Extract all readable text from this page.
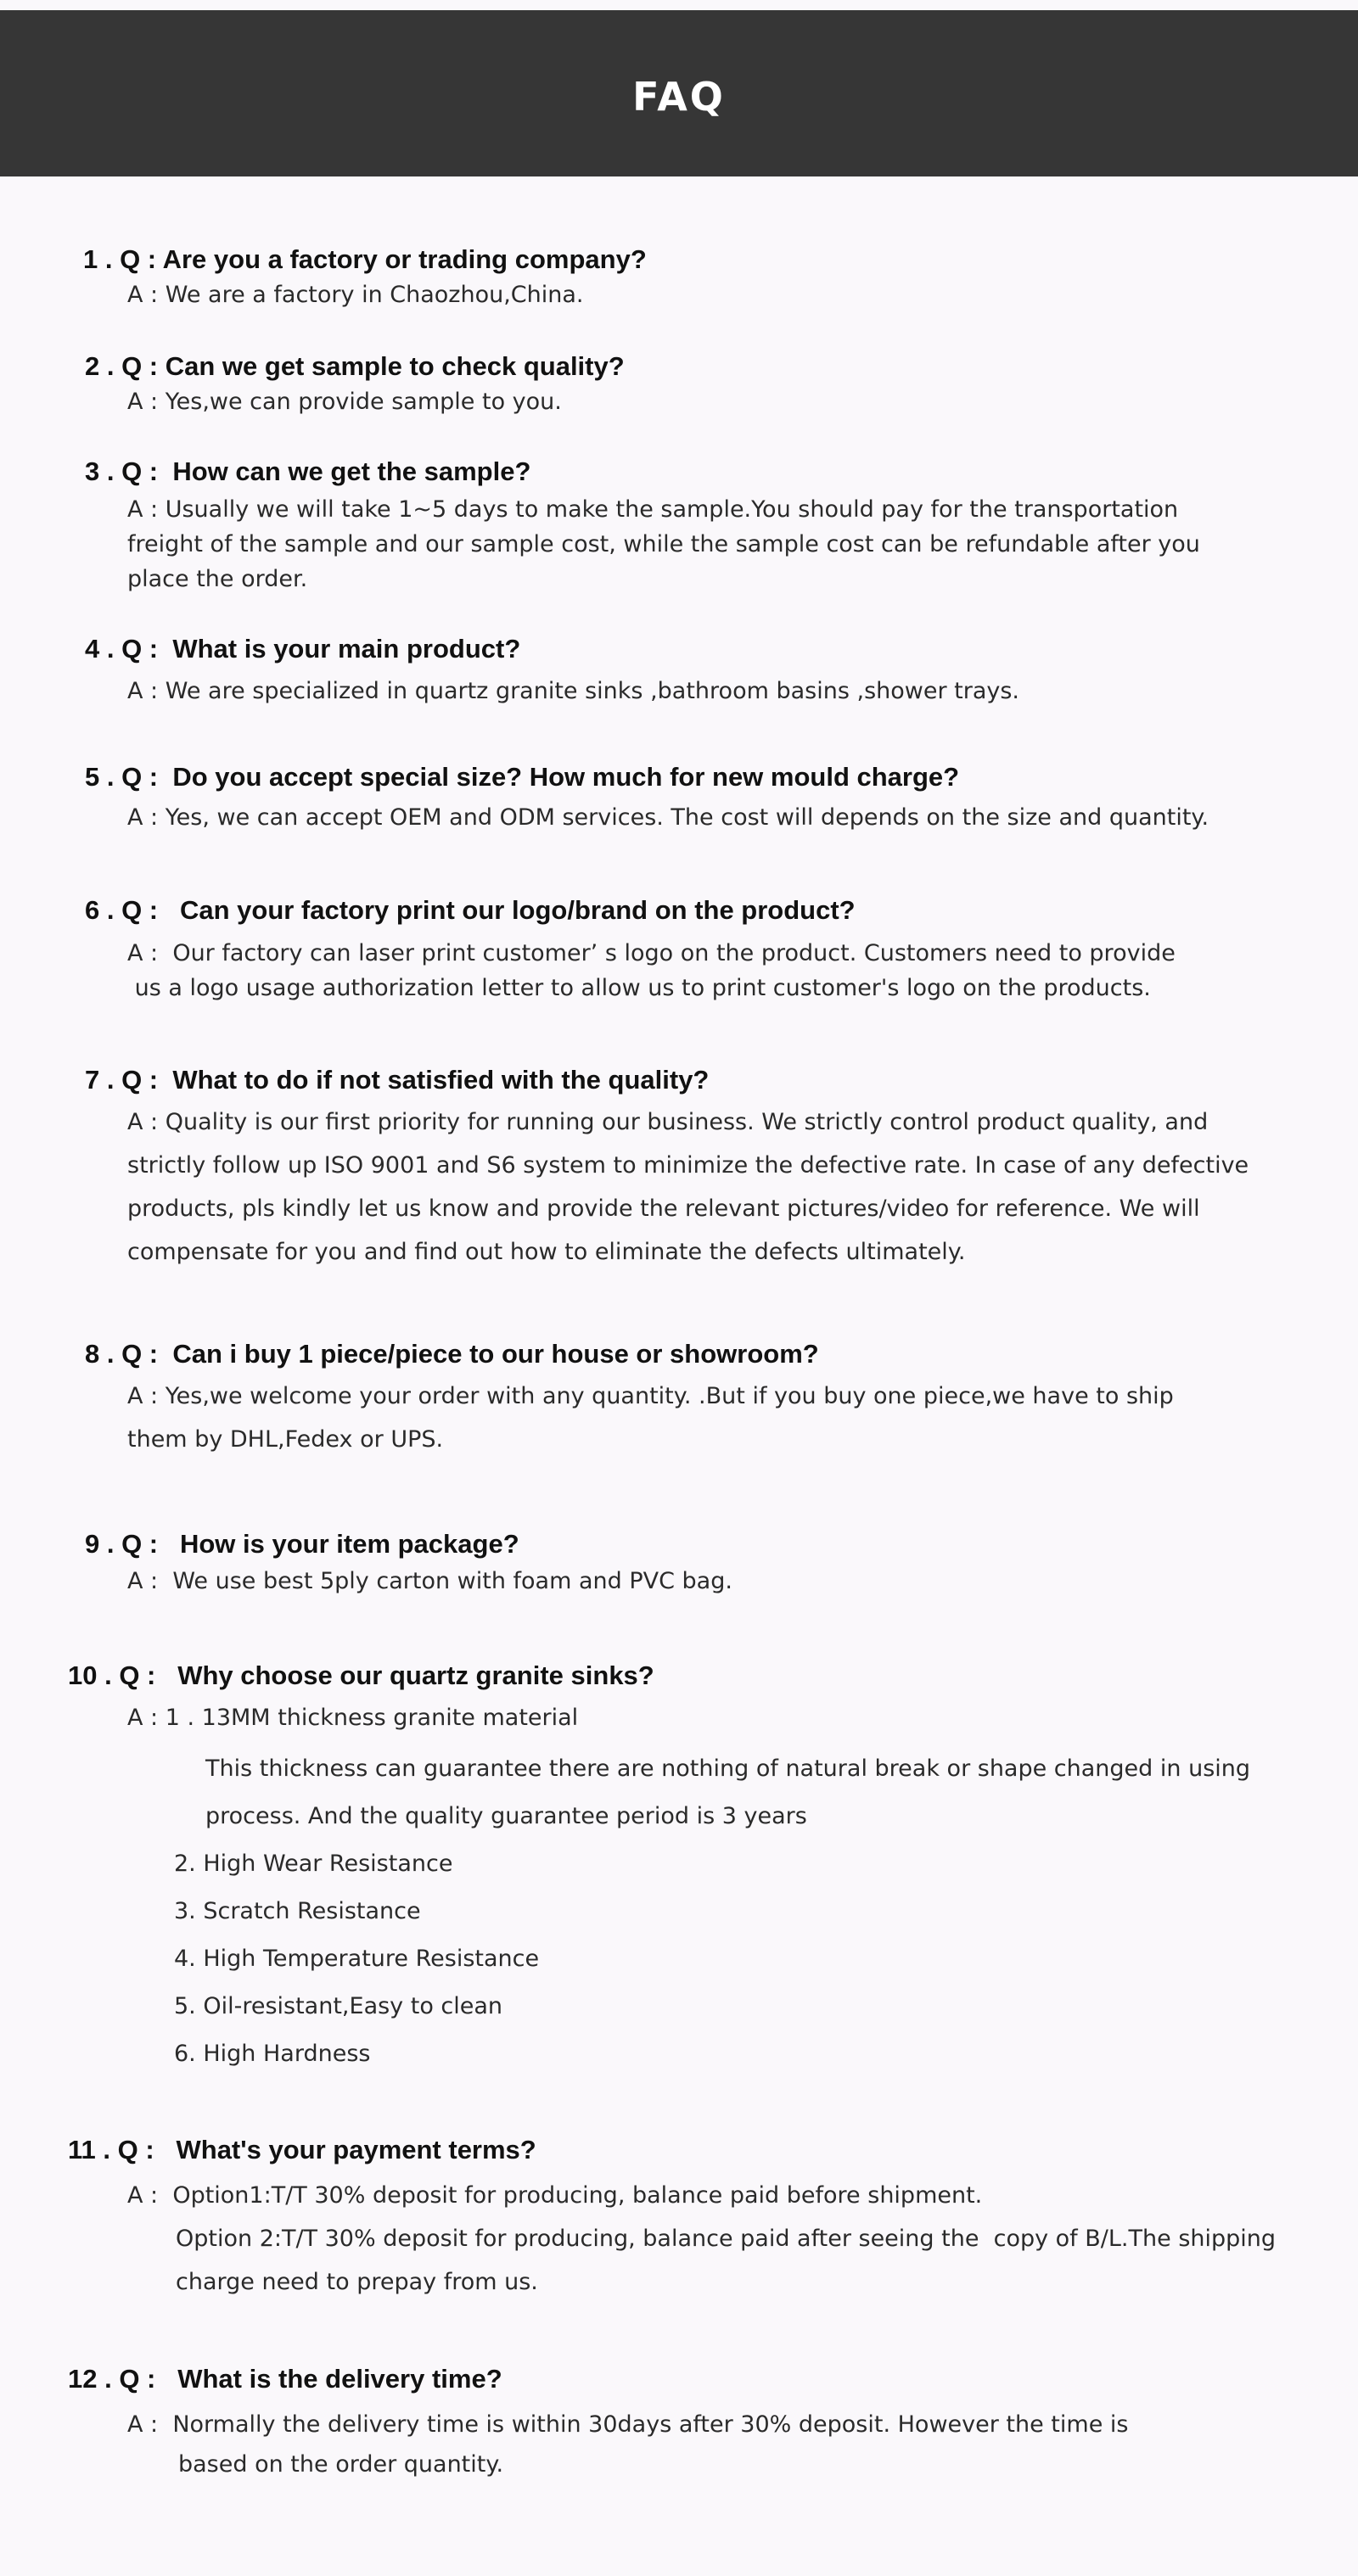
FAQ
1 . Q : Are you a factory or trading company?
A : We are a factory in Chaozhou,China.
2 . Q : Can we get sample to check quality?
A : Yes,we can provide sample to you.
3 . Q :  How can we get the sample?
A : Usually we will take 1~5 days to make the sample.You should pay for the transportation
freight of the sample and our sample cost, while the sample cost can be refundable after you
place the order.
4 . Q :  What is your main product?
A : We are specialized in quartz granite sinks ,bathroom basins ,shower trays.
5 . Q :  Do you accept special size? How much for new mould charge?
A : Yes, we can accept OEM and ODM services. The cost will depends on the size and quantity.
6 . Q :   Can your factory print our logo/brand on the product?
A :  Our factory can laser print customer’ s logo on the product. Customers need to provide
us a logo usage authorization letter to allow us to print customer's logo on the products.
7 . Q :  What to do if not satisfied with the quality?
A : Quality is our first priority for running our business. We strictly control product quality, and
strictly follow up ISO 9001 and S6 system to minimize the defective rate. In case of any defective
products, pls kindly let us know and provide the relevant pictures/video for reference. We will
compensate for you and find out how to eliminate the defects ultimately.
8 . Q :  Can i buy 1 piece/piece to our house or showroom?
A : Yes,we welcome your order with any quantity. .But if you buy one piece,we have to ship
them by DHL,Fedex or UPS.
9 . Q :   How is your item package?
A :  We use best 5ply carton with foam and PVC bag.
10 . Q :   Why choose our quartz granite sinks?
A : 1 . 13MM thickness granite material
This thickness can guarantee there are nothing of natural break or shape changed in using
process. And the quality guarantee period is 3 years
2. High Wear Resistance
3. Scratch Resistance
4. High Temperature Resistance
5. Oil-resistant,Easy to clean
6. High Hardness
11 . Q :   What's your payment terms?
A :  Option1:T/T 30% deposit for producing, balance paid before shipment.
Option 2:T/T 30% deposit for producing, balance paid after seeing the  copy of B/L.The shipping
charge need to prepay from us.
12 . Q :   What is the delivery time?
A :  Normally the delivery time is within 30days after 30% deposit. However the time is
based on the order quantity.
